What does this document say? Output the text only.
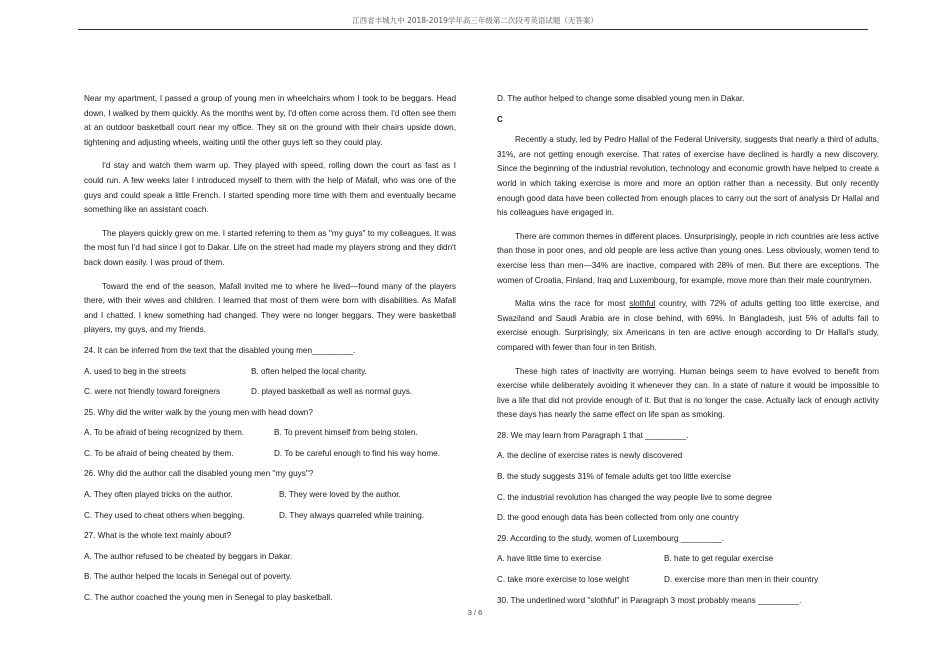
江西省丰城九中 2018-2019学年高三年级第二次段考英语试题（无答案）

Near my apartment, I passed a group of young men in wheelchairs whom I took to be beggars. Head down, I walked by them quickly. As the months went by, I'd often come across them. I'd often see them at an outdoor basketball court near my office. They sit on the ground with their chairs upside down, tightening and adjusting wheels, waiting until the other guys left so they could play.

I'd stay and watch them warm up. They played with speed, rolling down the court as fast as I could run. A few weeks later I introduced myself to them with the help of Mafall, who was one of the guys and could speak a little French. I started spending more time with them and eventually became something like an assistant coach.

The players quickly grew on me. I started referring to them as "my guys" to my colleagues. It was the most fun I'd had since I got to Dakar. Life on the street had made my players strong and they didn't back down easily. I was proud of them.

Toward the end of the season, Mafall invited me to where he lived—found many of the players there, with their wives and children. I learned that most of them were born with disabilities. As Mafall and I chatted. I knew something had changed. They were no longer beggars. They were basketball players, my guys, and my friends.

24. It can be inferred from the text that the disabled young men_________.

A. used to beg in the streets	B. often helped the local charity.
C. were not friendly toward foreigners	D. played basketball as well as normal guys.

25. Why did the writer walk by the young men with head down?

A. To be afraid of being recognized by them.	B. To prevent himself from being stolen.
C. To be afraid of being cheated by them.	D. To be careful enough to find his way home.

26. Why did the author call the disabled young men "my guys"?

A. They often played tricks on the author.	B. They were loved by the author.
C. They used to cheat others when begging.	D. They always quarreled while training.

27. What is the whole text mainly about?

A. The author refused to be cheated by beggars in Dakar.

B. The author helped the locals in Senegal out of poverty.

C. The author coached the young men in Senegal to play basketball.

D. The author helped to change some disabled young men in Dakar.

C

Recently a study, led by Pedro Hallal of the Federal University, suggests that nearly a third of adults, 31%, are not getting enough exercise. That rates of exercise have declined is hardly a new discovery. Since the beginning of the industrial revolution, technology and economic growth have helped to create a world in which taking exercise is more and more an option rather than a necessity. But only recently enough good data have been collected from enough places to carry out the sort of analysis Dr Hallal and his colleagues have engaged in.

There are common themes in different places. Unsurprisingly, people in rich countries are less active than those in poor ones, and old people are less active than young ones. Less obviously, women tend to exercise less than men—34% are inactive, compared with 28% of men. But there are exceptions. The women of Croatia, Finland, Iraq and Luxembourg, for example, move more than their male countrymen.

Malta wins the race for most slothful country, with 72% of adults getting too little exercise, and Swaziland and Saudi Arabia are in close behind, with 69%. In Bangladesh, just 5% of adults fail to exercise enough. Surprisingly, six Americans in ten are active enough according to Dr Hallal's study, compared with fewer than four in ten British.

These high rates of inactivity are worrying. Human beings seem to have evolved to benefit from exercise while deliberately avoiding it whenever they can. In a state of nature it would be impossible to live a life that did not provide enough of it. But that is no longer the case. Actually lack of enough activity these days has nearly the same effect on life span as smoking.

28. We may learn from Paragraph 1 that _________.

A. the decline of exercise rates is newly discovered

B. the study suggests 31% of female adults get too little exercise

C. the industrial revolution has changed the way people live to some degree

D. the good enough data has been collected from only one country

29. According to the study, women of Luxembourg _________.

A. have little time to exercise	B. hate to get regular exercise
C. take more exercise to lose weight	D. exercise more than men in their country

30. The underlined word "slothful" in Paragraph 3 most probably means _________.

3 / 6
